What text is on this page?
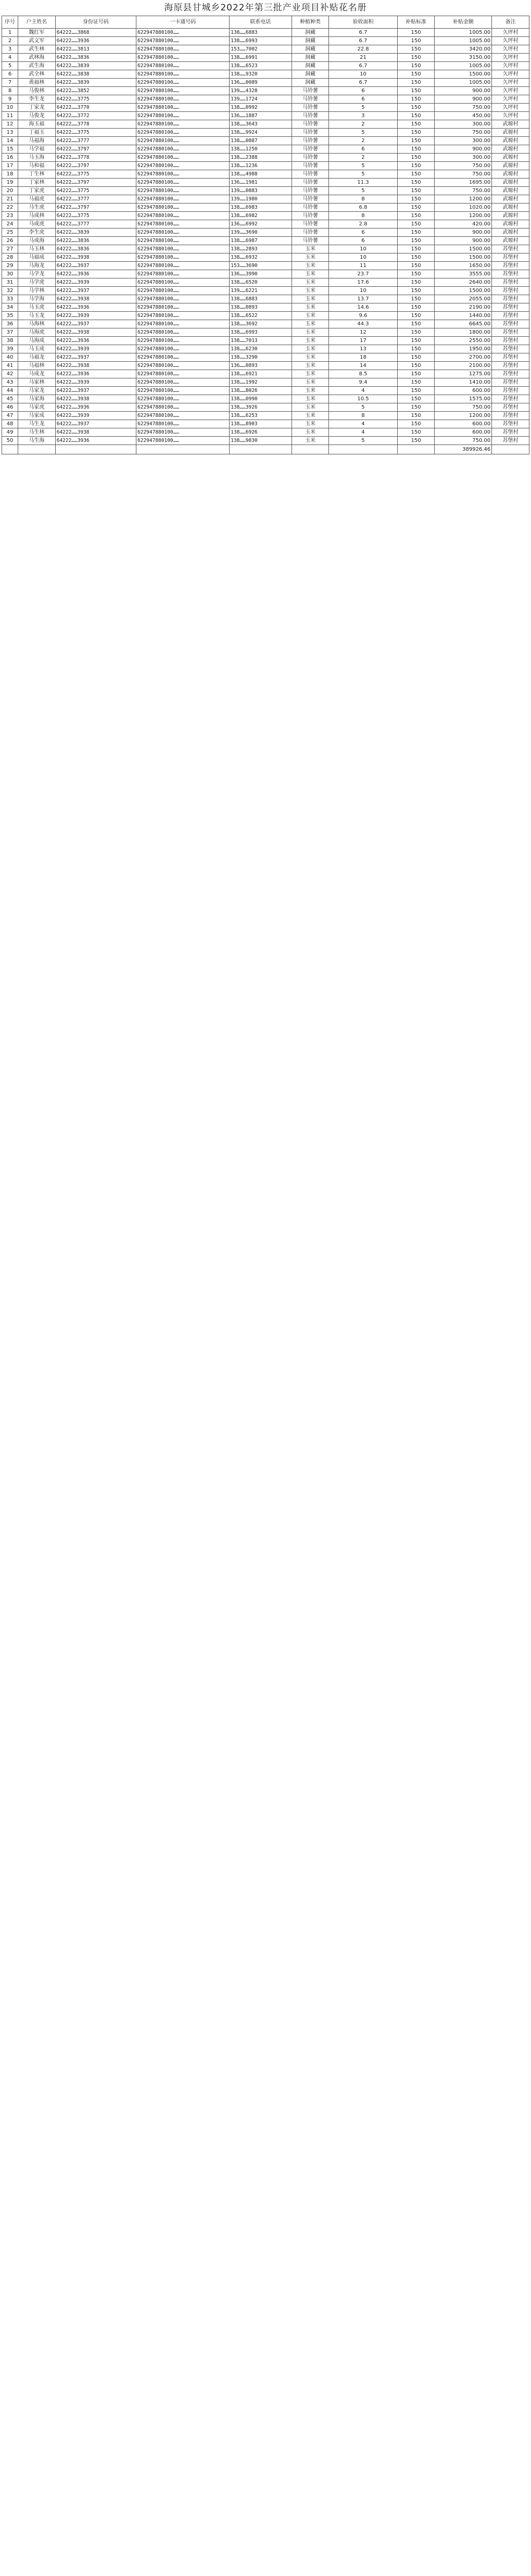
海原县甘城乡2022年第三批产业项目补贴花名册
序号	户主姓名	身份证号码	一卡通号码	联系电话	种植种类	验收面积	补贴标准	补贴金额	备注
1	魏红军	64222……3868	622947880100……	138……6883	洞藏	6.7	150	1005.00	久坪村
2	武文军	64222……3936	622947880100……	138……6993	洞藏	6.7	150	1005.00	久坪村
3	武生林	64222……3813	622947880100……	153……7002	洞藏	22.8	150	3420.00	久坪村
4	武林海	64222……3836	622947880100……	138……6991	洞藏	21	150	3150.00	久坪村
5	武生海	64222……3839	622947880100……	138……6523	洞藏	6.7	150	1005.00	久坪村
6	武全林	64222……3838	622947880100……	138……9320	洞藏	10	150	1500.00	久坪村
7	黄福林	64222……3839	622947880100……	136……0089	洞藏	6.7	150	1005.00	久坪村
8	马俊林	64222……3852	622947880100……	139……4328	马铃薯	6	150	900.00	久坪村
9	李生龙	64222……3775	622947880100……	139……1724	马铃薯	6	150	900.00	久坪村
10	丁家龙	64222……3770	622947880100……	138……0992	马铃薯	5	150	750.00	久坪村
11	马俊龙	64222……3772	622947880100……	136……1887	马铃薯	3	150	450.00	久坪村
12	海玉福	64222……3778	622947880100……	138……3643	马铃薯	2	150	300.00	武塬村
13	丁福玉	64222……3775	622947880100……	138……9924	马铃薯	5	150	750.00	武塬村
14	马福海	64222……3777	622947880100……	138……0887	马铃薯	2	150	300.00	武塬村
15	马学福	64222……3797	622947880100……	138……1250	马铃薯	6	150	900.00	武塬村
16	马玉海	64222……3778	622947880100……	138……2388	马铃薯	2	150	300.00	武塬村
17	马和福	64222……3797	622947880100……	138……1236	马铃薯	5	150	750.00	武塬村
18	丁生林	64222……3775	622947880100……	138……4988	马铃薯	5	150	750.00	武塬村
19	丁家林	64222……3797	622947880100……	136……1981	马铃薯	11.3	150	1695.00	武塬村
20	丁家虎	64222……3775	622947880100……	139……0883	马铃薯	5	150	750.00	武塬村
21	马福虎	64222……3777	622947880100……	139……1980	马铃薯	8	150	1200.00	武塬村
22	马生虎	64222……3797	622947880100……	138……6983	马铃薯	6.8	150	1020.00	武塬村
23	马成林	64222……3775	622947880100……	138……6982	马铃薯	8	150	1200.00	武塬村
24	马成虎	64222……3777	622947880100……	136……6992	马铃薯	2.8	150	420.00	武塬村
25	李生虎	64222……3839	622947880100……	139……3690	马铃薯	6	150	900.00	武塬村
26	马成海	64222……3836	622947880100……	138……6987	马铃薯	6	150	900.00	武塬村
27	马玉林	64222……3836	622947880100……	138……2893	玉米	10	150	1500.00	苏堡村
28	马福成	64222……3938	622947880100……	138……6932	玉米	10	150	1500.00	苏堡村
29	马海龙	64222……3937	622947880100……	153……3690	玉米	11	150	1650.00	苏堡村
30	马学龙	64222……3936	622947880100……	136……3990	玉米	23.7	150	3555.00	苏堡村
31	马学虎	64222……3939	622947880100……	138……6520	玉米	17.6	150	2640.00	苏堡村
32	马学林	64222……3937	622947880100……	139……6221	玉米	10	150	1500.00	苏堡村
33	马学海	64222……3938	622947880100……	138……6883	玉米	13.7	150	2055.00	苏堡村
34	马玉虎	64222……3936	622947880100……	138……0893	玉米	14.6	150	2190.00	苏堡村
35	马玉龙	64222……3939	622947880100……	138……6522	玉米	9.6	150	1440.00	苏堡村
36	马海林	64222……3937	622947880100……	138……3692	玉米	44.3	150	6645.00	苏堡村
37	马海虎	64222……3938	622947880100……	138……6993	玉米	12	150	1800.00	苏堡村
38	马海成	64222……3936	622947880100……	138……7013	玉米	17	150	2550.00	苏堡村
39	马玉成	64222……3939	622947880100……	138……6230	玉米	13	150	1950.00	苏堡村
40	马福龙	64222……3937	622947880100……	138……3290	玉米	18	150	2700.00	苏堡村
41	马福林	64222……3938	622947880100……	136……0893	玉米	14	150	2100.00	苏堡村
42	马成龙	64222……3936	622947880100……	138……6921	玉米	8.5	150	1275.00	苏堡村
43	马家林	64222……3939	622947880100……	138……1992	玉米	9.4	150	1410.00	苏堡村
44	马家龙	64222……3937	622947880100……	138……8026	玉米	4	150	600.00	苏堡村
45	马家海	64222……3938	622947880100……	138……0990	玉米	10.5	150	1575.00	苏堡村
46	马家虎	64222……3936	622947880100……	138……3926	玉米	5	150	750.00	苏堡村
47	马家成	64222……3939	622947880100……	138……6253	玉米	8	150	1200.00	苏堡村
48	马生龙	64222……3937	622947880100……	138……8903	玉米	4	150	600.00	苏堡村
49	马生林	64222……3938	622947880100……	138……6926	玉米	4	150	600.00	苏堡村
50	马生海	64222……3936	622947880100……	138……9830	玉米	5	150	750.00	苏堡村
								389926.46	
